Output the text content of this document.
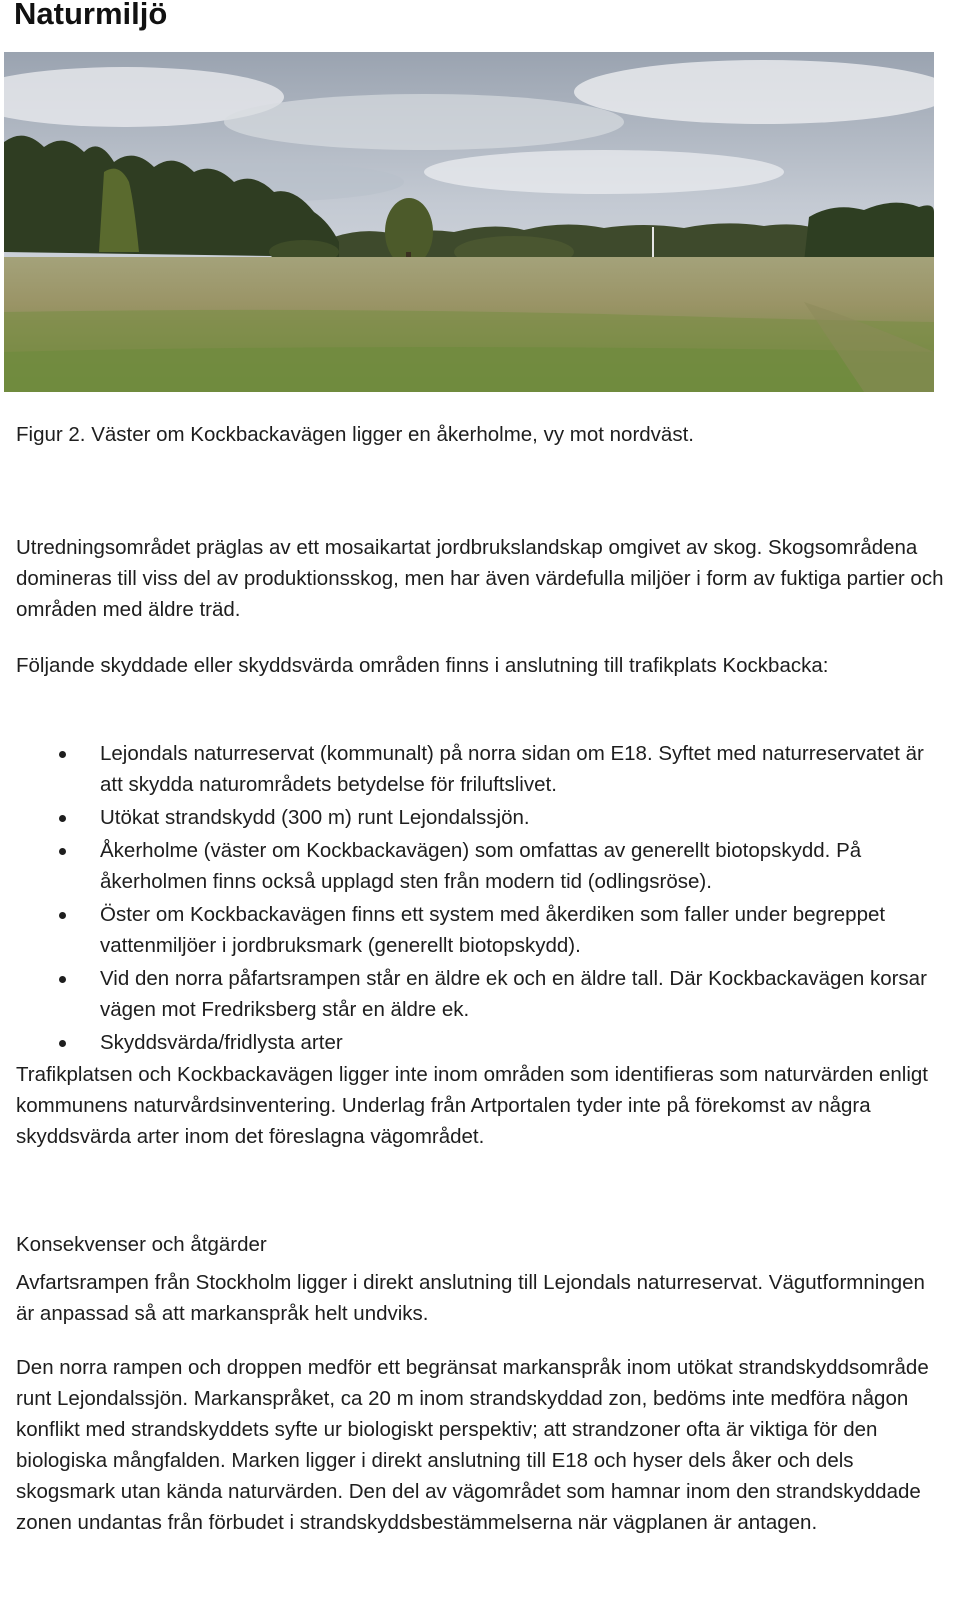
Naturmiljö
Figur 2. Väster om Kockbackavägen ligger en åkerholme, vy mot nordväst.

Utredningsområdet präglas av ett mosaikartat jordbrukslandskap omgivet av skog. Skogsområdena domineras till viss del av produktionsskog, men har även värdefulla miljöer i form av fuktiga partier och områden med äldre träd.

Följande skyddade eller skyddsvärda områden finns i anslutning till trafikplats Kockbacka:

Lejondals naturreservat (kommunalt) på norra sidan om E18. Syftet med naturreservatet är att skydda naturområdets betydelse för friluftslivet.
Utökat strandskydd (300 m) runt Lejondalssjön.
Åkerholme (väster om Kockbackavägen) som omfattas av generellt biotopskydd. På åkerholmen finns också upplagd sten från modern tid (odlingsröse).
Öster om Kockbackavägen finns ett system med åkerdiken som faller under begreppet vattenmiljöer i jordbruksmark (generellt biotopskydd).
Vid den norra påfartsrampen står en äldre ek och en äldre tall. Där Kockbackavägen korsar vägen mot Fredriksberg står en äldre ek.
Skyddsvärda/fridlysta arter

Trafikplatsen och Kockbackavägen ligger inte inom områden som identifieras som naturvärden enligt kommunens naturvårdsinventering. Underlag från Artportalen tyder inte på förekomst av några skyddsvärda arter inom det föreslagna vägområdet.

Konsekvenser och åtgärder

Avfartsrampen från Stockholm ligger i direkt anslutning till Lejondals naturreservat. Vägutformningen är anpassad så att markanspråk helt undviks.

Den norra rampen och droppen medför ett begränsat markanspråk inom utökat strandskyddsområde runt Lejondalssjön. Markanspråket, ca 20 m inom strandskyddad zon, bedöms inte medföra någon konflikt med strandskyddets syfte ur biologiskt perspektiv; att strandzoner ofta är viktiga för den biologiska mångfalden. Marken ligger i direkt anslutning till E18 och hyser dels åker och dels skogsmark utan kända naturvärden. Den del av vägområdet som hamnar inom den strandskyddade zonen undantas från förbudet i strandskyddsbestämmelserna när vägplanen är antagen.
